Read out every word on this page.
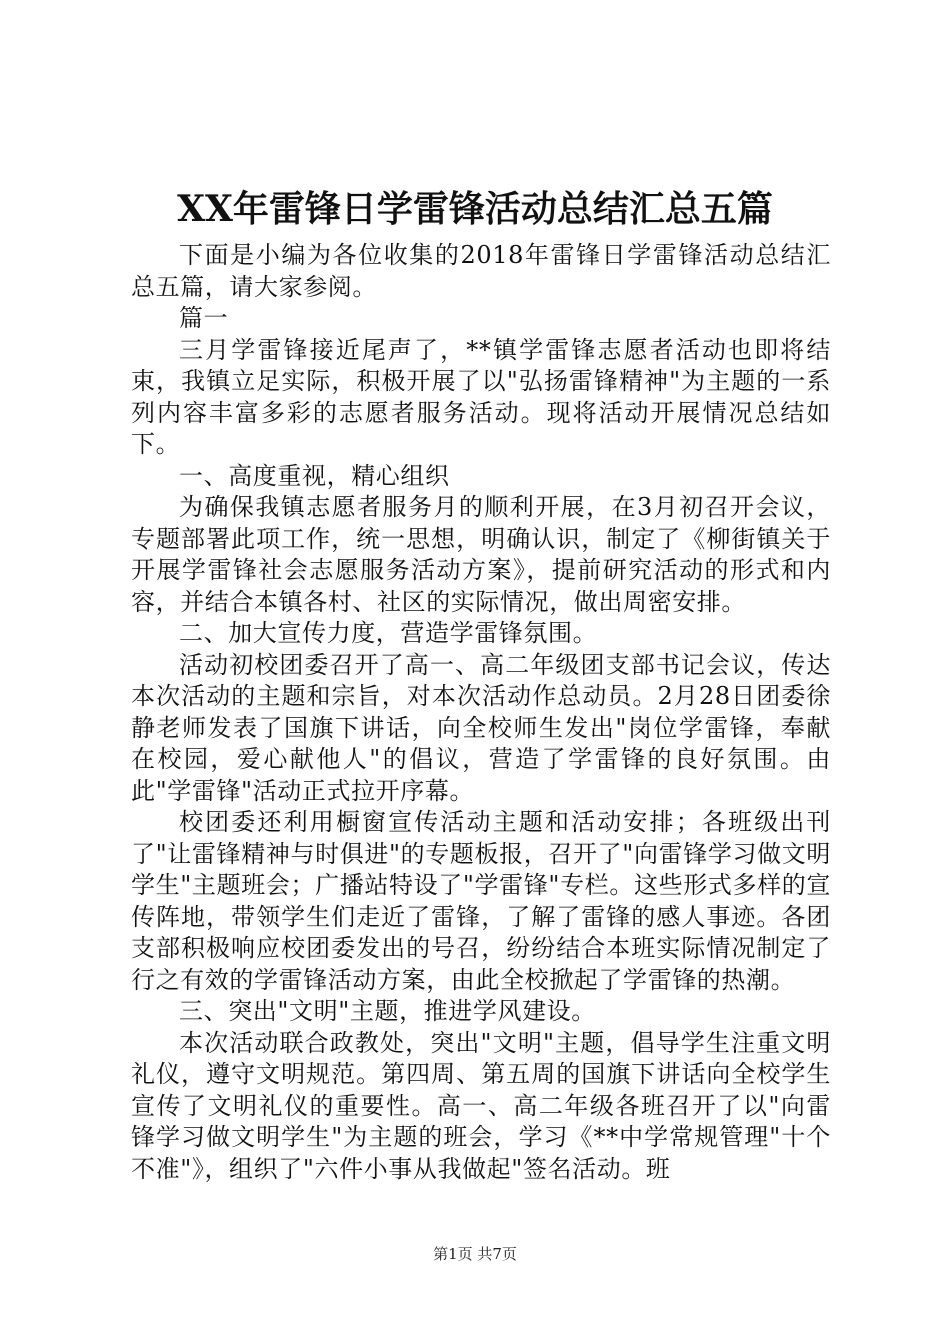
XX年雷锋日学雷锋活动总结汇总五篇

下面是小编为各位收集的2018年雷锋日学雷锋活动总结汇总五篇，请大家参阅。

篇一

三月学雷锋接近尾声了，**镇学雷锋志愿者活动也即将结束，我镇立足实际，积极开展了以"弘扬雷锋精神"为主题的一系列内容丰富多彩的志愿者服务活动。现将活动开展情况总结如下。

一、高度重视，精心组织

为确保我镇志愿者服务月的顺利开展，在3月初召开会议，专题部署此项工作，统一思想，明确认识，制定了《柳街镇关于开展学雷锋社会志愿服务活动方案》，提前研究活动的形式和内容，并结合本镇各村、社区的实际情况，做出周密安排。

二、加大宣传力度，营造学雷锋氛围。

活动初校团委召开了高一、高二年级团支部书记会议，传达本次活动的主题和宗旨，对本次活动作总动员。2月28日团委徐静老师发表了国旗下讲话，向全校师生发出"岗位学雷锋，奉献在校园，爱心献他人"的倡议，营造了学雷锋的良好氛围。由此"学雷锋"活动正式拉开序幕。

校团委还利用橱窗宣传活动主题和活动安排；各班级出刊了"让雷锋精神与时俱进"的专题板报，召开了"向雷锋学习做文明学生"主题班会；广播站特设了"学雷锋"专栏。这些形式多样的宣传阵地，带领学生们走近了雷锋，了解了雷锋的感人事迹。各团支部积极响应校团委发出的号召，纷纷结合本班实际情况制定了行之有效的学雷锋活动方案，由此全校掀起了学雷锋的热潮。

三、突出"文明"主题，推进学风建设。

本次活动联合政教处，突出"文明"主题，倡导学生注重文明礼仪，遵守文明规范。第四周、第五周的国旗下讲话向全校学生宣传了文明礼仪的重要性。高一、高二年级各班召开了以"向雷锋学习做文明学生"为主题的班会，学习《**中学常规管理"十个不准"》，组织了"六件小事从我做起"签名活动。班

第1页 共7页
